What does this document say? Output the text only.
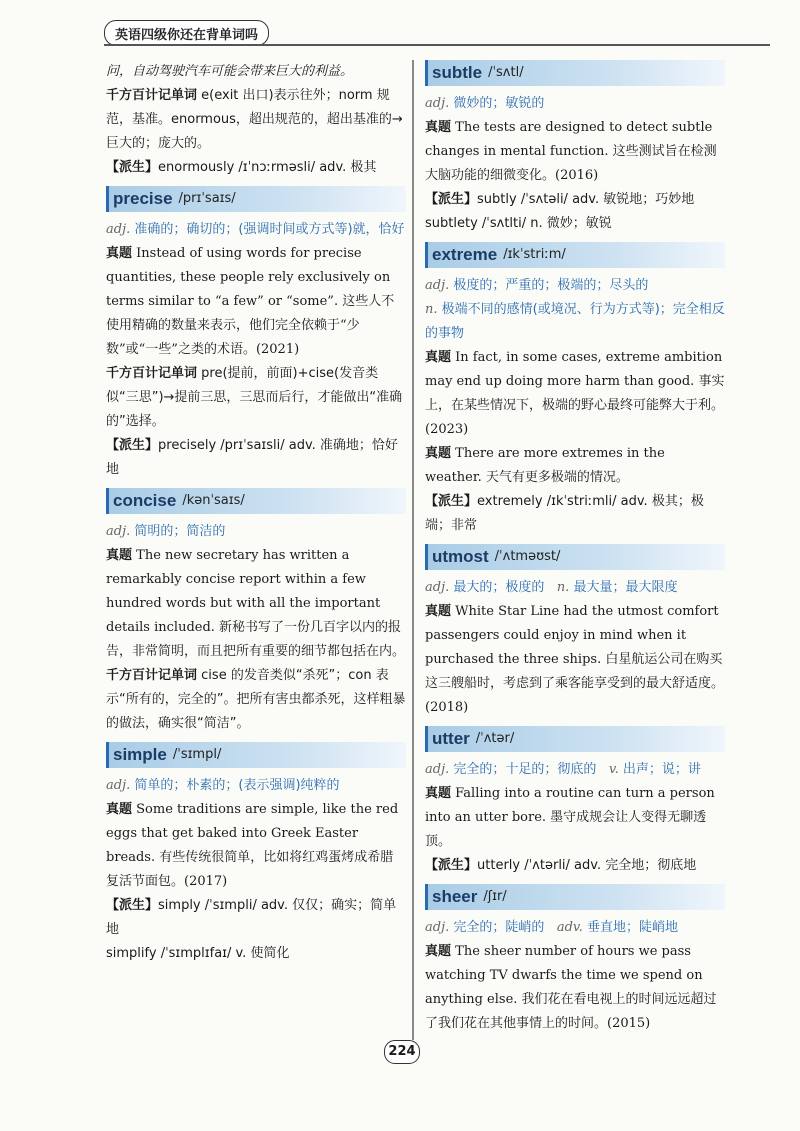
英语四级你还在背单词吗

问，自动驾驶汽车可能会带来巨大的利益。

千方百计记单词 e(exit 出口)表示往外；norm 规范，基准。enormous，超出规范的，超出基准的→巨大的；庞大的。

【派生】enormously /ɪˈnɔːrməsli/ adv. 极其

precise /prɪˈsaɪs/

adj. 准确的；确切的；(强调时间或方式等)就，恰好

真题 Instead of using words for precise quantities, these people rely exclusively on terms similar to “a few” or “some”. 这些人不使用精确的数量来表示，他们完全依赖于“少数”或“一些”之类的术语。(2021)

千方百计记单词 pre(提前，前面)+cise(发音类似“三思”)→提前三思，三思而后行，才能做出“准确的”选择。

【派生】precisely /prɪˈsaɪsli/ adv. 准确地；恰好地

concise /kənˈsaɪs/

adj. 简明的；简洁的

真题 The new secretary has written a remarkably concise report within a few hundred words but with all the important details included. 新秘书写了一份几百字以内的报告，非常简明，而且把所有重要的细节都包括在内。

千方百计记单词 cise 的发音类似“杀死”；con 表示“所有的，完全的”。把所有害虫都杀死，这样粗暴的做法，确实很“简洁”。

simple /ˈsɪmpl/

adj. 简单的；朴素的；(表示强调)纯粹的

真题 Some traditions are simple, like the red eggs that get baked into Greek Easter breads. 有些传统很简单，比如将红鸡蛋烤成希腊复活节面包。(2017)

【派生】simply /ˈsɪmpli/ adv. 仅仅；确实；简单地

simplify /ˈsɪmplɪfaɪ/ v. 使简化

subtle /ˈsʌtl/

adj. 微妙的；敏锐的

真题 The tests are designed to detect subtle changes in mental function. 这些测试旨在检测大脑功能的细微变化。(2016)

【派生】subtly /ˈsʌtəli/ adv. 敏锐地；巧妙地

subtlety /ˈsʌtlti/ n. 微妙；敏锐

extreme /ɪkˈstriːm/

adj. 极度的；严重的；极端的；尽头的

n. 极端不同的感情(或境况、行为方式等)；完全相反的事物

真题 In fact, in some cases, extreme ambition may end up doing more harm than good. 事实上，在某些情况下，极端的野心最终可能弊大于利。(2023)

真题 There are more extremes in the weather. 天气有更多极端的情况。

【派生】extremely /ɪkˈstriːmli/ adv. 极其；极端；非常

utmost /ˈʌtməʊst/

adj. 最大的；极度的 n. 最大量；最大限度

真题 White Star Line had the utmost comfort passengers could enjoy in mind when it purchased the three ships. 白星航运公司在购买这三艘船时，考虑到了乘客能享受到的最大舒适度。(2018)

utter /ˈʌtər/

adj. 完全的；十足的；彻底的 v. 出声；说；讲

真题 Falling into a routine can turn a person into an utter bore. 墨守成规会让人变得无聊透顶。

【派生】utterly /ˈʌtərli/ adv. 完全地；彻底地

sheer /ʃɪr/

adj. 完全的；陡峭的 adv. 垂直地；陡峭地

真题 The sheer number of hours we pass watching TV dwarfs the time we spend on anything else. 我们花在看电视上的时间远远超过了我们花在其他事情上的时间。(2015)

224
